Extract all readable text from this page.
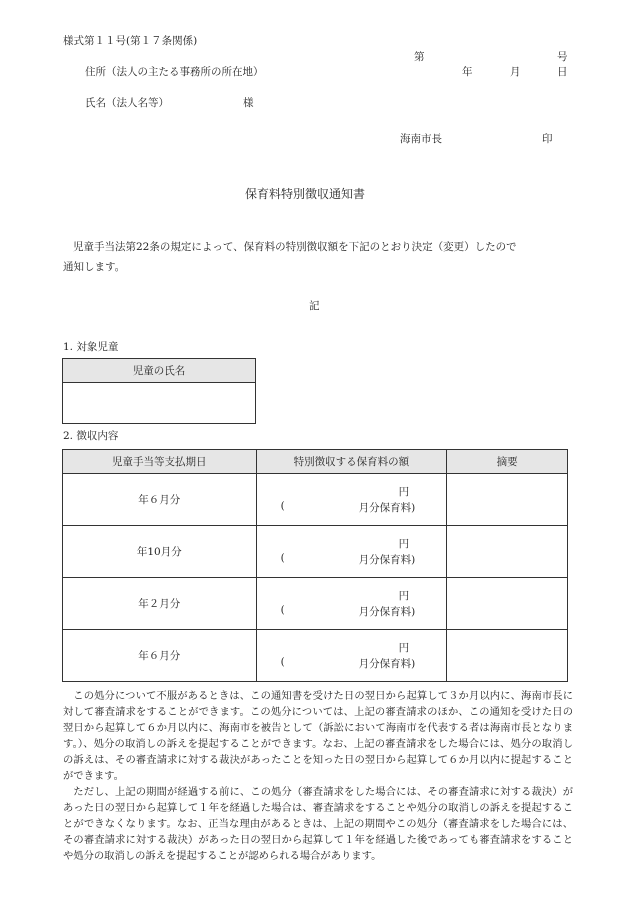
様式第１１号(第１７条関係)
第	号
住所（法人の主たる事務所の所在地）	年	月	日
氏名（法人名等）	様
海南市長	印
保育料特別徴収通知書
児童手当法第22条の規定によって、保育料の特別徴収額を下記のとおり決定（変更）したので
通知します。
記
1. 対象児童
児童の氏名

2. 徴収内容
児童手当等支払期日	特別徴収する保育料の額	摘要
年６月分	円
( 月分保育料)	

年10月分	円
( 月分保育料)	

年２月分	円
( 月分保育料)	

年６月分	円
( 月分保育料)	

この処分について不服があるときは、この通知書を受けた日の翌日から起算して３か月以内に、海南市長に対して審査請求をすることができます。この処分については、上記の審査請求のほか、この通知を受けた日の翌日から起算して６か月以内に、海南市を被告として（訴訟において海南市を代表する者は海南市長となります。）、処分の取消しの訴えを提起することができます。なお、上記の審査請求をした場合には、処分の取消しの訴えは、その審査請求に対する裁決があったことを知った日の翌日から起算して６か月以内に提起することができます。

ただし、上記の期間が経過する前に、この処分（審査請求をした場合には、その審査請求に対する裁決）があった日の翌日から起算して１年を経過した場合は、審査請求をすることや処分の取消しの訴えを提起することができなくなります。なお、正当な理由があるときは、上記の期間やこの処分（審査請求をした場合には、その審査請求に対する裁決）があった日の翌日から起算して１年を経過した後であっても審査請求をすることや処分の取消しの訴えを提起することが認められる場合があります。
